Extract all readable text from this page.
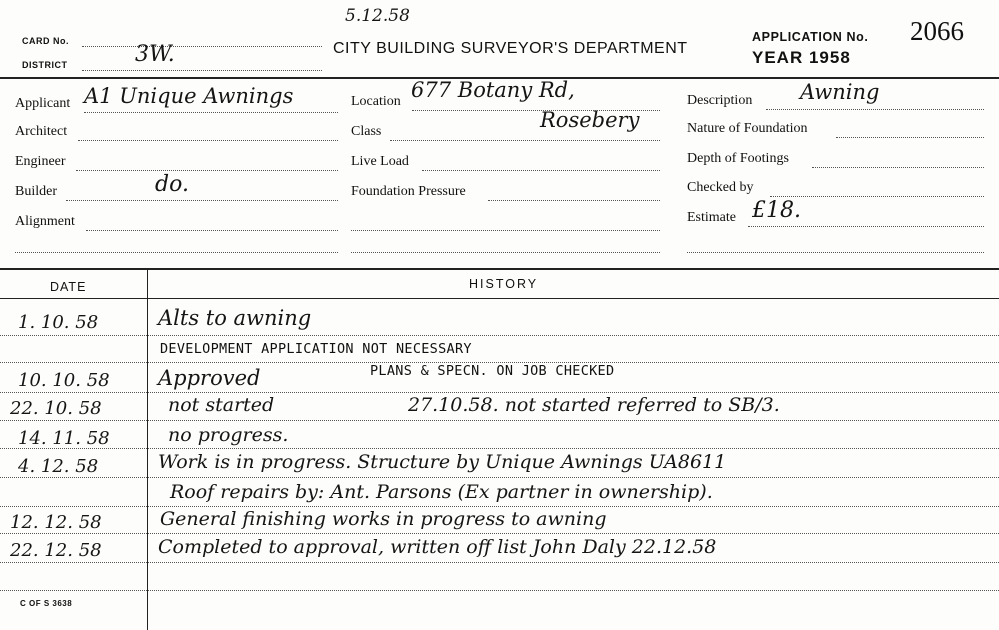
5.12.58
CARD No.
DISTRICT	3W.	CITY BUILDING SURVEYOR'S DEPARTMENT
APPLICATION No. 2066
YEAR 1958
Applicant A1 Unique Awnings
Architect
Engineer
Builder	do.
Alignment
Location 677 Botany Rd,
Rosebery
Class
Live Load
Foundation Pressure
Description Awning
Nature of Foundation
Depth of Footings
Checked by
Estimate £18.
DATE	HISTORY
1. 10. 58	Alts to awning
DEVELOPMENT APPLICATION NOT NECESSARY
10. 10. 58 Approved	PLANS & SPECN. ON JOB CHECKED
22. 10. 58	not started	27.10.58. not started referred to SB/3.
14. 11. 58	no progress.
4. 12. 58	Work is in progress. Structure by Unique Awnings UA8611
Roof repairs by: Ant. Parsons (Ex partner in ownership).
12. 12. 58	General finishing works in progress to awning
22. 12. 58	Completed to approval, written off list John Daly 22.12.58
C OF S 3638
